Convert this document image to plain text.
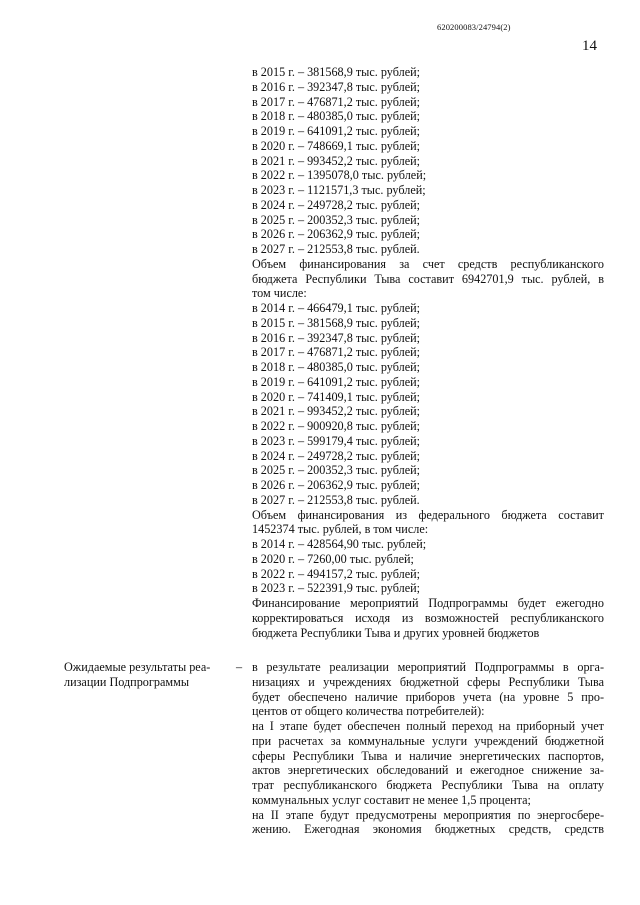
620200083/24794(2)
14
в 2015 г. – 381568,9 тыс. рублей;
в 2016 г. – 392347,8 тыс. рублей;
в 2017 г. – 476871,2 тыс. рублей;
в 2018 г. – 480385,0 тыс. рублей;
в 2019 г. – 641091,2 тыс. рублей;
в 2020 г. – 748669,1 тыс. рублей;
в 2021 г. – 993452,2 тыс. рублей;
в 2022 г. – 1395078,0 тыс. рублей;
в 2023 г. – 1121571,3 тыс. рублей;
в 2024 г. – 249728,2 тыс. рублей;
в 2025 г. – 200352,3 тыс. рублей;
в 2026 г. – 206362,9 тыс. рублей;
в 2027 г. – 212553,8 тыс. рублей.
Объем финансирования за счет средств республиканского
бюджета Республики Тыва составит 6942701,9 тыс. рублей, в
том числе:
в 2014 г. – 466479,1 тыс. рублей;
в 2015 г. – 381568,9 тыс. рублей;
в 2016 г. – 392347,8 тыс. рублей;
в 2017 г. – 476871,2 тыс. рублей;
в 2018 г. – 480385,0 тыс. рублей;
в 2019 г. – 641091,2 тыс. рублей;
в 2020 г. – 741409,1 тыс. рублей;
в 2021 г. – 993452,2 тыс. рублей;
в 2022 г. – 900920,8 тыс. рублей;
в 2023 г. – 599179,4 тыс. рублей;
в 2024 г. – 249728,2 тыс. рублей;
в 2025 г. – 200352,3 тыс. рублей;
в 2026 г. – 206362,9 тыс. рублей;
в 2027 г. – 212553,8 тыс. рублей.
Объем финансирования из федерального бюджета составит
1452374 тыс. рублей, в том числе:
в 2014 г. – 428564,90 тыс. рублей;
в 2020 г. – 7260,00 тыс. рублей;
в 2022 г. – 494157,2 тыс. рублей;
в 2023 г. – 522391,9 тыс. рублей;
Финансирование мероприятий Подпрограммы будет ежегодно
корректироваться исходя из возможностей республиканского
бюджета Республики Тыва и других уровней бюджетов
Ожидаемые результаты реа-
лизации Подпрограммы
– в результате реализации мероприятий Подпрограммы в орга-
низациях и учреждениях бюджетной сферы Республики Тыва
будет обеспечено наличие приборов учета (на уровне 5 про-
центов от общего количества потребителей):
на I этапе будет обеспечен полный переход на приборный учет
при расчетах за коммунальные услуги учреждений бюджетной
сферы Республики Тыва и наличие энергетических паспортов,
актов энергетических обследований и ежегодное снижение за-
трат республиканского бюджета Республики Тыва на оплату
коммунальных услуг составит не менее 1,5 процента;
на II этапе будут предусмотрены мероприятия по энергосбере-
жению. Ежегодная экономия бюджетных средств, средств
